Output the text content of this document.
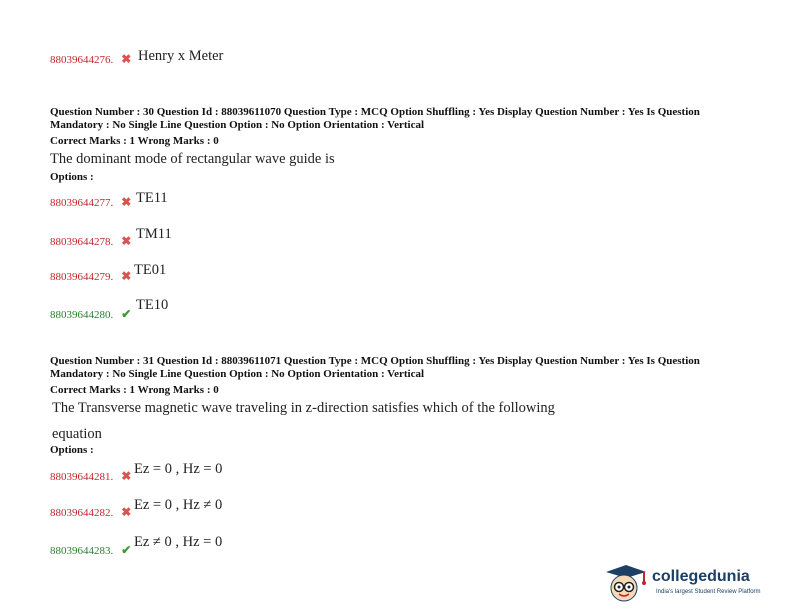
88039644276. ✖ Henry x Meter
Question Number : 30 Question Id : 88039611070 Question Type : MCQ Option Shuffling : Yes Display Question Number : Yes Is Question
Mandatory : No Single Line Question Option : No Option Orientation : Vertical
Correct Marks : 1 Wrong Marks : 0
The dominant mode of rectangular wave guide is
Options :
88039644277. ✖ TE11
88039644278. ✖ TM11
88039644279. ✖ TE01
88039644280. ✔
TE10
Question Number : 31 Question Id : 88039611071 Question Type : MCQ Option Shuffling : Yes Display Question Number : Yes Is Question
Mandatory : No Single Line Question Option : No Option Orientation : Vertical
Correct Marks : 1 Wrong Marks : 0
The Transverse magnetic wave traveling in z-direction satisfies which of the following
equation
Options :
88039644281. ✖ Ez = 0 , Hz = 0
88039644282. ✖ Ez = 0 , Hz ≠ 0
88039644283. ✔ Ez ≠ 0 , Hz = 0
collegedunia
India's largest Student Review Platform
